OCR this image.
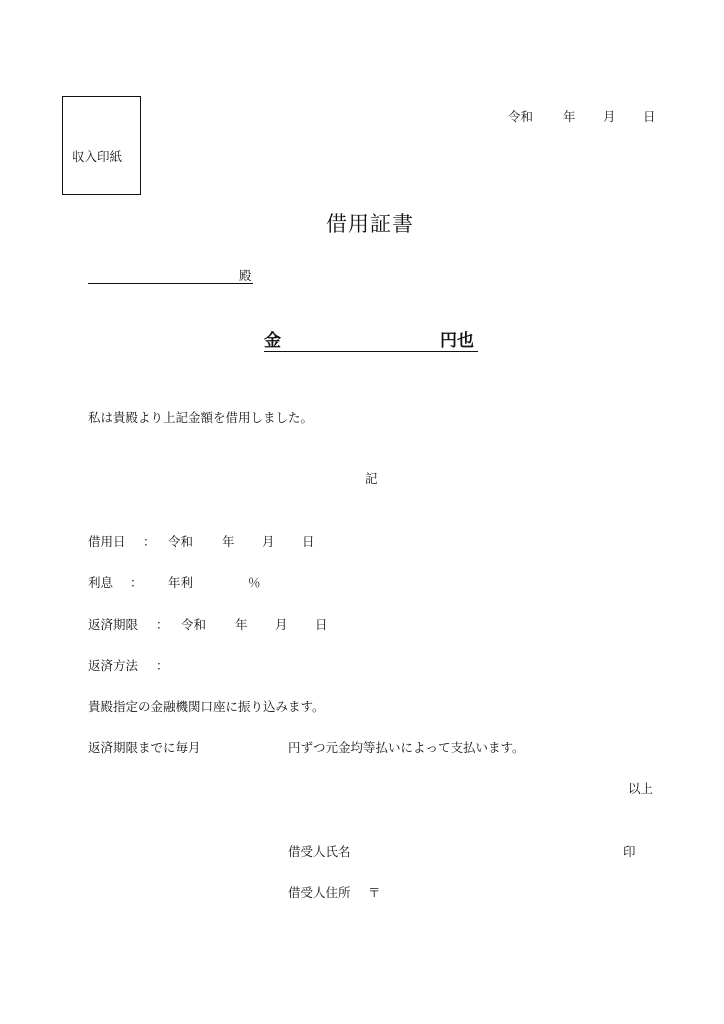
収入印紙
令和 年 月 日
借用証書
殿
金	円也
私は貴殿より上記金額を借用しました。
記
借用日 ： 令和 年 月 日
利息 ： 年利	％
返済期限 ： 令和 年 月 日
返済方法 ：
貴殿指定の金融機関口座に振り込みます。
返済期限までに毎月	円ずつ元金均等払いによって支払います。
以上
借受人氏名	印
借受人住所 〒
